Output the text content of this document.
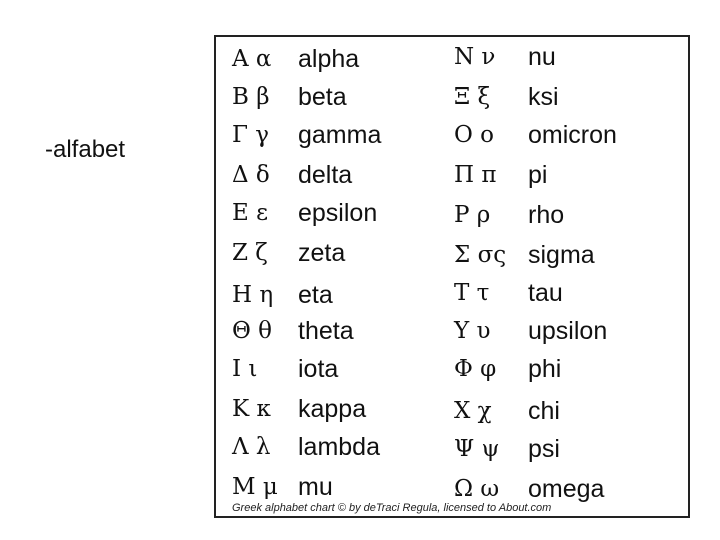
-alfabet
Α α alpha
Β β beta
Γ γ gamma
Δ δ delta
Ε ε epsilon
Ζ ζ zeta
Η η eta
Θ θ theta
Ι ι iota
Κ κ kappa
Λ λ lambda
Μ μ mu
Ν ν nu
Ξ ξ ksi
Ο ο omicron
Π π pi
Ρ ρ rho
Σ σς sigma
Τ τ tau
Υ υ upsilon
Φ φ phi
Χ χ chi
Ψ ψ psi
Ω ω omega
Greek alphabet chart © by deTraci Regula, licensed to About.com
